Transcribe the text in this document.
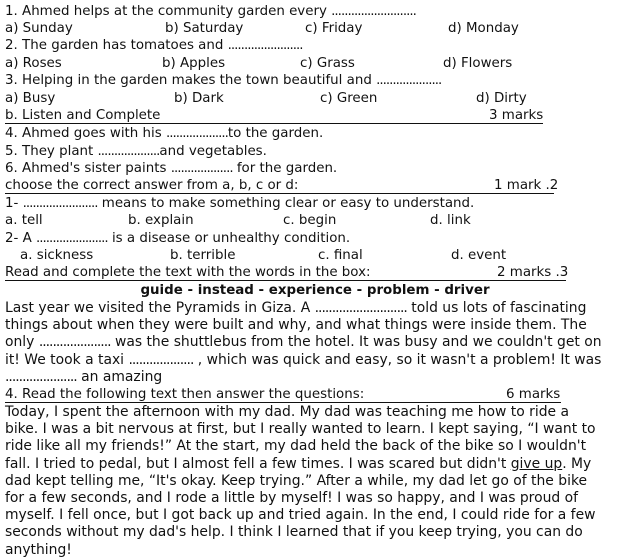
1. Ahmed helps at the community garden every ..........................
a) Sunday	b) Saturday	c) Friday	d) Monday
2. The garden has tomatoes and .......................
a) Roses	b) Apples	c) Grass	d) Flowers
3. Helping in the garden makes the town beautiful and ....................
a) Busy	b) Dark	c) Green	d) Dirty
b. Listen and Complete	3 marks
4. Ahmed goes with his ...................to the garden.
5. They plant ...................and vegetables.
6. Ahmed's sister paints ................... for the garden.
choose the correct answer from a, b, c or d:	1 mark .2
1- ....................... means to make something clear or easy to understand.
a. tell	b. explain	c. begin	d. link
2- A ...................... is a disease or unhealthy condition.
a. sickness	b. terrible	c. final	d. event
Read and complete the text with the words in the box:	2 marks .3
guide - instead - experience - problem - driver
Last year we visited the Pyramids in Giza. A ........................... told us lots of fascinating things about when they were built and why, and what things were inside them. The only ..................... was the shuttlebus from the hotel. It was busy and we couldn't get on it! We took a taxi ................... , which was quick and easy, so it wasn't a problem! It was ..................... an amazing
4. Read the following text then answer the questions:	6 marks
Today, I spent the afternoon with my dad. My dad was teaching me how to ride a bike. I was a bit nervous at first, but I really wanted to learn. I kept saying, “I want to ride like all my friends!” At the start, my dad held the back of the bike so I wouldn't fall. I tried to pedal, but I almost fell a few times. I was scared but didn't give up. My dad kept telling me, “It's okay. Keep trying.” After a while, my dad let go of the bike for a few seconds, and I rode a little by myself! I was so happy, and I was proud of myself. I fell once, but I got back up and tried again. In the end, I could ride for a few seconds without my dad's help. I think I learned that if you keep trying, you can do anything!
